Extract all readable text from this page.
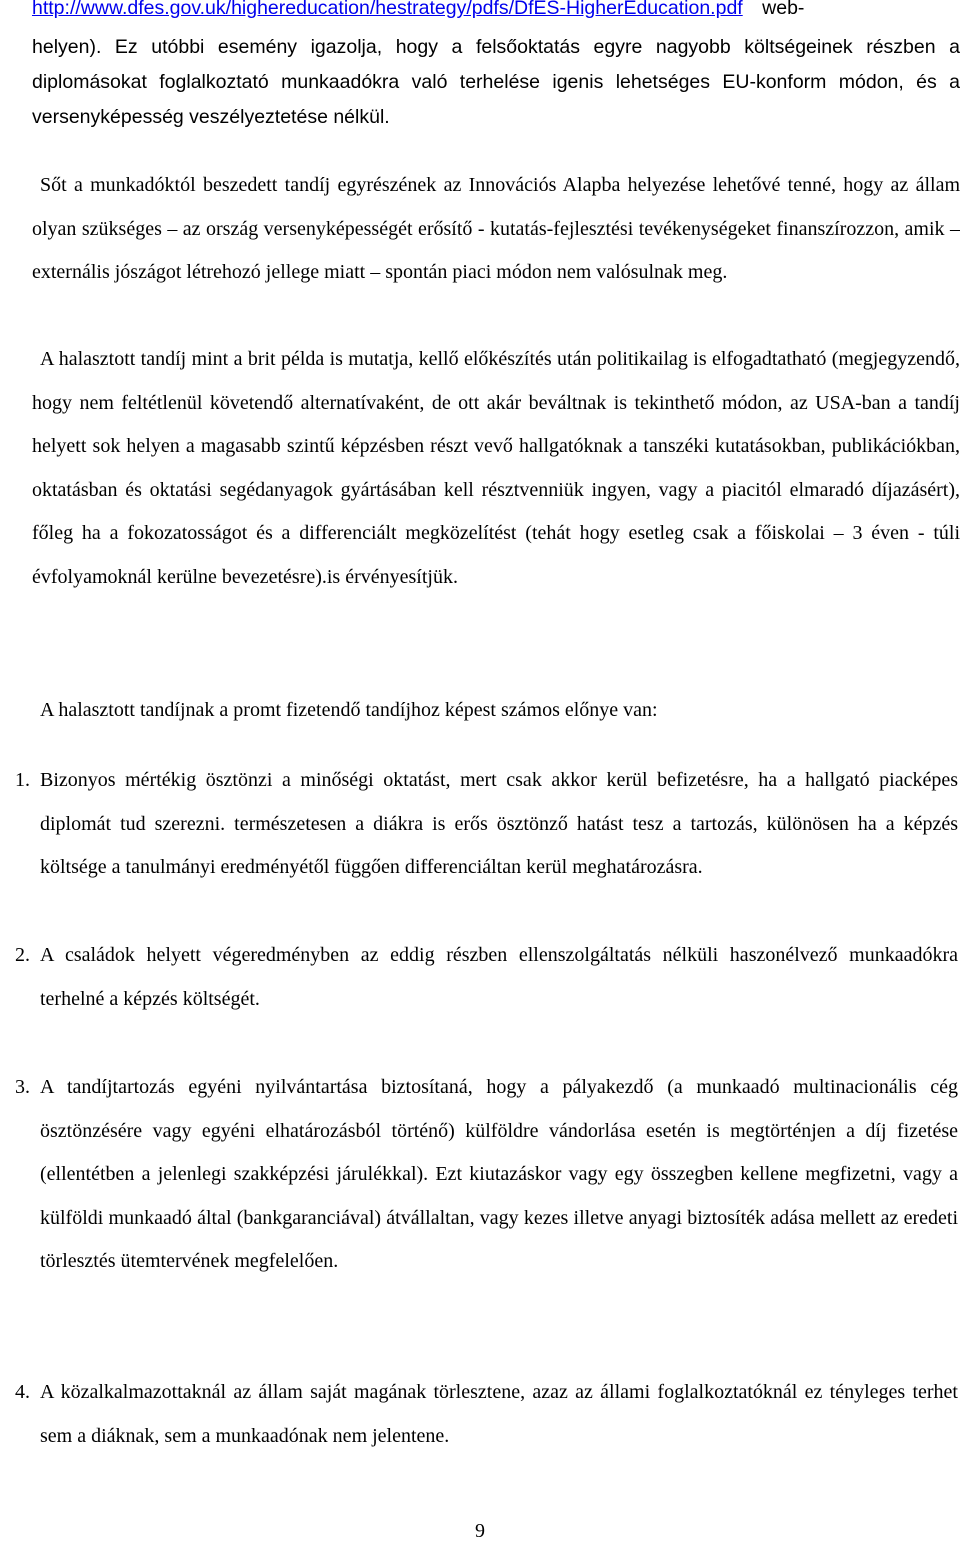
http://www.dfes.gov.uk/highereducation/hestrategy/pdfs/DfES-HigherEducation.pdf web-
helyen). Ez utóbbi esemény igazolja, hogy a felsőoktatás egyre nagyobb költségeinek részben a diplomásokat foglalkoztató munkaadókra való terhelése igenis lehetséges EU-konform módon, és a versenyképesség veszélyeztetése nélkül.
Sőt a munkadóktól beszedett tandíj egyrészének az Innovációs Alapba helyezése lehetővé tenné, hogy az állam olyan szükséges – az ország versenyképességét erősítő - kutatás-fejlesztési tevékenységeket finanszírozzon, amik – externális jószágot létrehozó jellege miatt – spontán piaci módon nem valósulnak meg.
A halasztott tandíj mint a brit példa is mutatja, kellő előkészítés után politikailag is elfogadtatható (megjegyzendő, hogy nem feltétlenül követendő alternatívaként, de ott akár beváltnak is tekinthető módon, az USA-ban a tandíj helyett sok helyen a magasabb szintű képzésben részt vevő hallgatóknak a tanszéki kutatásokban, publikációkban, oktatásban és oktatási segédanyagok gyártásában kell résztvenniük ingyen, vagy a piacitól elmaradó díjazásért), főleg ha a fokozatosságot és a differenciált megközelítést (tehát hogy esetleg csak a főiskolai – 3 éven - túli évfolyamoknál kerülne bevezetésre).is érvényesítjük.
A halasztott tandíjnak a promt fizetendő tandíjhoz képest számos előnye van:
1. Bizonyos mértékig ösztönzi a minőségi oktatást, mert csak akkor kerül befizetésre, ha a hallgató piacképes diplomát tud szerezni. természetesen a diákra is erős ösztönző hatást tesz a tartozás, különösen ha a képzés költsége a tanulmányi eredményétől függően differenciáltan kerül meghatározásra.
2. A családok helyett végeredményben az eddig részben ellenszolgáltatás nélküli haszonélvező munkaadókra terhelné a képzés költségét.
3. A tandíjtartozás egyéni nyilvántartása biztosítaná, hogy a pályakezdő (a munkaadó multinacionális cég ösztönzésére vagy egyéni elhatározásból történő) külföldre vándorlása esetén is megtörténjen a díj fizetése (ellentétben a jelenlegi szakképzési járulékkal). Ezt kiutazáskor vagy egy összegben kellene megfizetni, vagy a külföldi munkaadó által (bankgaranciával) átvállaltan, vagy kezes illetve anyagi biztosíték adása mellett az eredeti törlesztés ütemtervének megfelelően.
4. A közalkalmazottaknál az állam saját magának törlesztene, azaz az állami foglalkoztatóknál ez tényleges terhet sem a diáknak, sem a munkaadónak nem jelentene.
9
